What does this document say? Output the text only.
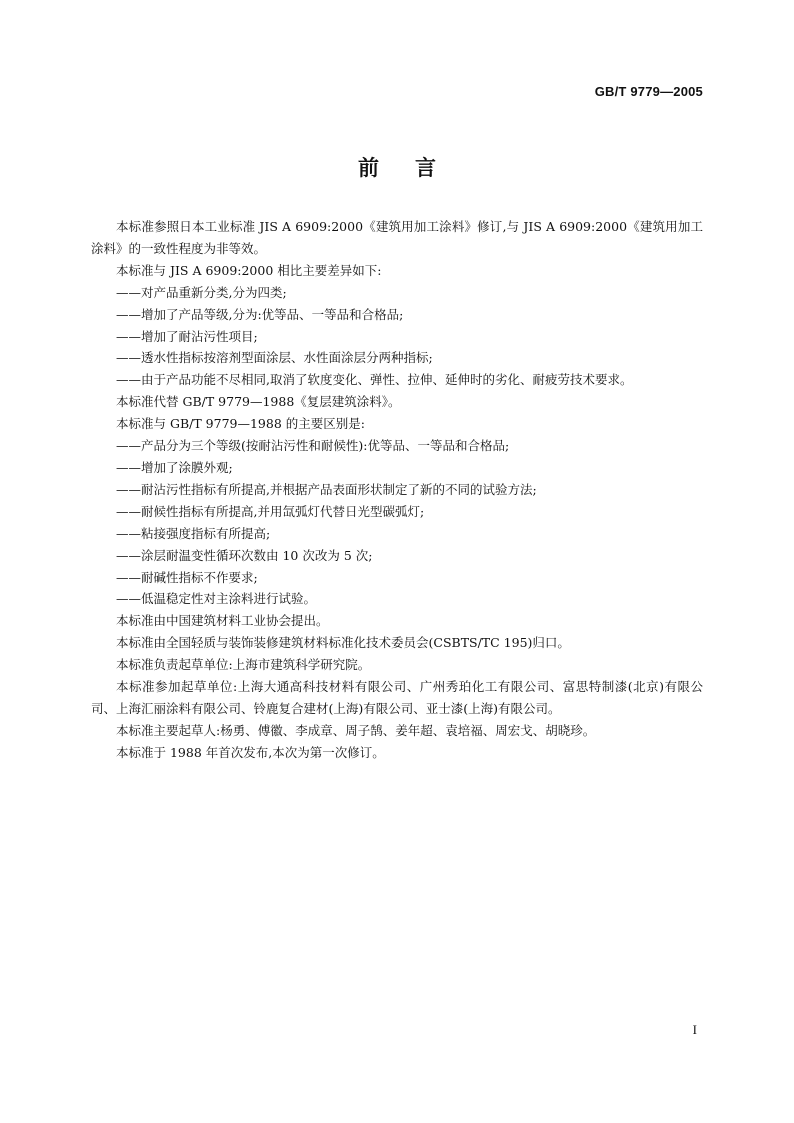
GB/T 9779—2005
前言

本标准参照日本工业标准 JIS A 6909:2000《建筑用加工涂料》修订,与 JIS A 6909:2000《建筑用加工涂料》的一致性程度为非等效。

本标准与 JIS A 6909:2000 相比主要差异如下:

——对产品重新分类,分为四类;

——增加了产品等级,分为:优等品、一等品和合格品;

——增加了耐沾污性项目;

——透水性指标按溶剂型面涂层、水性面涂层分两种指标;

——由于产品功能不尽相同,取消了软度变化、弹性、拉伸、延伸时的劣化、耐疲劳技术要求。

本标准代替 GB/T 9779—1988《复层建筑涂料》。

本标准与 GB/T 9779—1988 的主要区别是:

——产品分为三个等级(按耐沾污性和耐候性):优等品、一等品和合格品;

——增加了涂膜外观;

——耐沾污性指标有所提高,并根据产品表面形状制定了新的不同的试验方法;

——耐候性指标有所提高,并用氙弧灯代替日光型碳弧灯;

——粘接强度指标有所提高;

——涂层耐温变性循环次数由 10 次改为 5 次;

——耐碱性指标不作要求;

——低温稳定性对主涂料进行试验。

本标准由中国建筑材料工业协会提出。

本标准由全国轻质与装饰装修建筑材料标准化技术委员会(CSBTS/TC 195)归口。

本标准负责起草单位:上海市建筑科学研究院。

本标准参加起草单位:上海大通高科技材料有限公司、广州秀珀化工有限公司、富思特制漆(北京)有限公司、上海汇丽涂料有限公司、铃鹿复合建材(上海)有限公司、亚士漆(上海)有限公司。

本标准主要起草人:杨勇、傅徽、李成章、周子鹄、姜年超、袁培福、周宏戈、胡晓珍。

本标准于 1988 年首次发布,本次为第一次修订。

I
